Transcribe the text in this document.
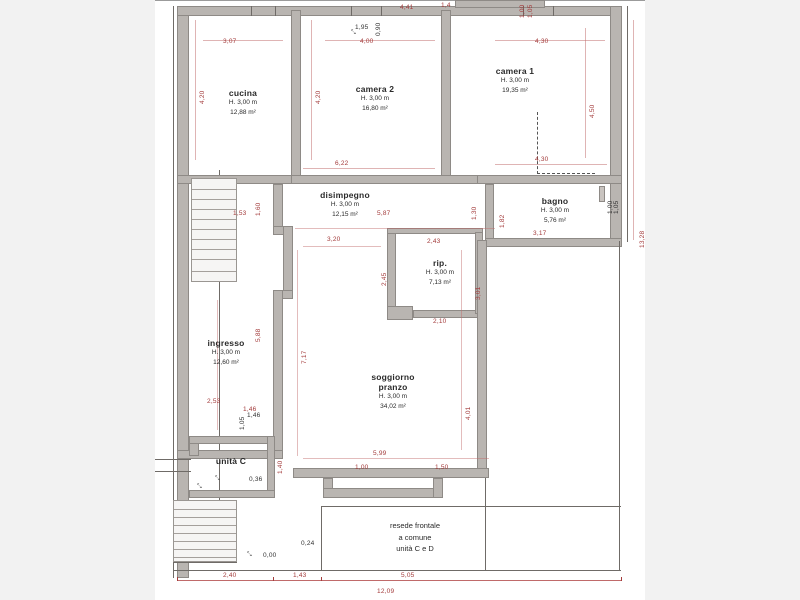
⤡
⤡
⤡
⤡
cucina
H. 3,00 m
12,88 m²
camera 2
H. 3,00 m
16,80 m²
camera 1
H. 3,00 m
19,35 m²
bagno
H. 3,00 m
5,76 m²
disimpegno
H. 3,00 m
12,15 m²
rip.
H. 3,00 m
7,13 m²
ingresso
H. 3,00 m
12,60 m²
soggiorno
pranzo
H. 3,00 m
34,02 m²
unità C
resede frontale
a comune
unità C e D
4,41
3,07	4,00	4,30
6,22
4,30
1,53	5,87
3,20	2,43
3,17
2,10
5,99
2,53
1,46
1,00	1,50
2,40	1,43	5,05
12,09
4,20	4,20
4,50
1,30
1,82
1,60
2,45
3,01
5,88
7,17
4,01
1,40
13,28
1,00 1,05
1,95 0,90
1,4
1,00 1,05
0,24
0,00
0,36
1,46
1,05
